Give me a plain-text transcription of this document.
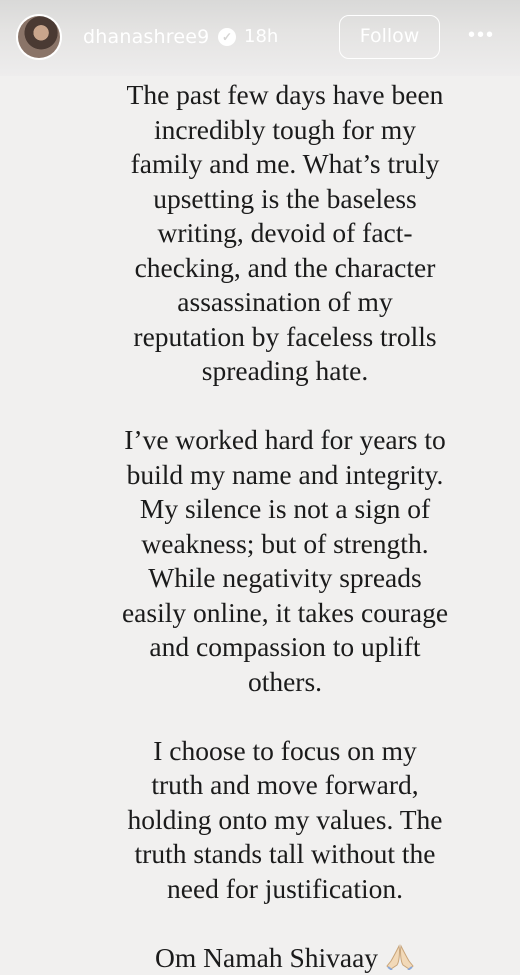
dhanashree9	✓ 18h	Follow	•••

The past few days have been
incredibly tough for my
family and me. What’s truly
upsetting is the baseless
writing, devoid of fact-
checking, and the character
assassination of my
reputation by faceless trolls
spreading hate.

I’ve worked hard for years to
build my name and integrity.
My silence is not a sign of
weakness; but of strength.
While negativity spreads
easily online, it takes courage
and compassion to uplift
others.

I choose to focus on my
truth and move forward,
holding onto my values. The
truth stands tall without the
need for justification.

Om Namah Shivaay
